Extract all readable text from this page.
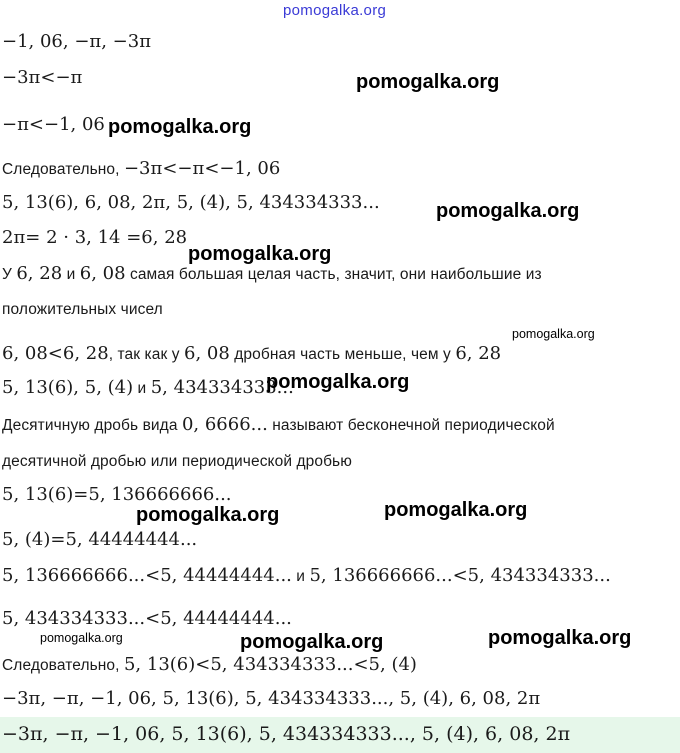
pomogalka.org
−1, 06, −π, −3π
−3π<−π
−π<−1, 06
Следовательно, −3π<−π<−1, 06
5, 13(6), 6, 08, 2π, 5, (4), 5, 434334333...
2π= 2 · 3, 14 =6, 28
У 6, 28 и 6, 08 самая большая целая часть, значит, они наибольшие из
положительных чисел
6, 08<6, 28, так как у 6, 08 дробная часть меньше, чем у 6, 28
5, 13(6), 5, (4) и 5, 434334333...
Десятичную дробь вида 0, 6666... называют бесконечной периодической
десятичной дробью или периодической дробью
5, 13(6)=5, 136666666...
5, (4)=5, 44444444...
5, 136666666...<5, 44444444... и 5, 136666666...<5, 434334333...
5, 434334333...<5, 44444444...
Следовательно, 5, 13(6)<5, 434334333...<5, (4)
−3π, −π, −1, 06, 5, 13(6), 5, 434334333..., 5, (4), 6, 08, 2π
−3π, −π, −1, 06, 5, 13(6), 5, 434334333..., 5, (4), 6, 08, 2π
pomogalka.org
pomogalka.org
pomogalka.org
pomogalka.org
pomogalka.org
pomogalka.org
pomogalka.org	pomogalka.org
pomogalka.org	pomogalka.org	pomogalka.org
